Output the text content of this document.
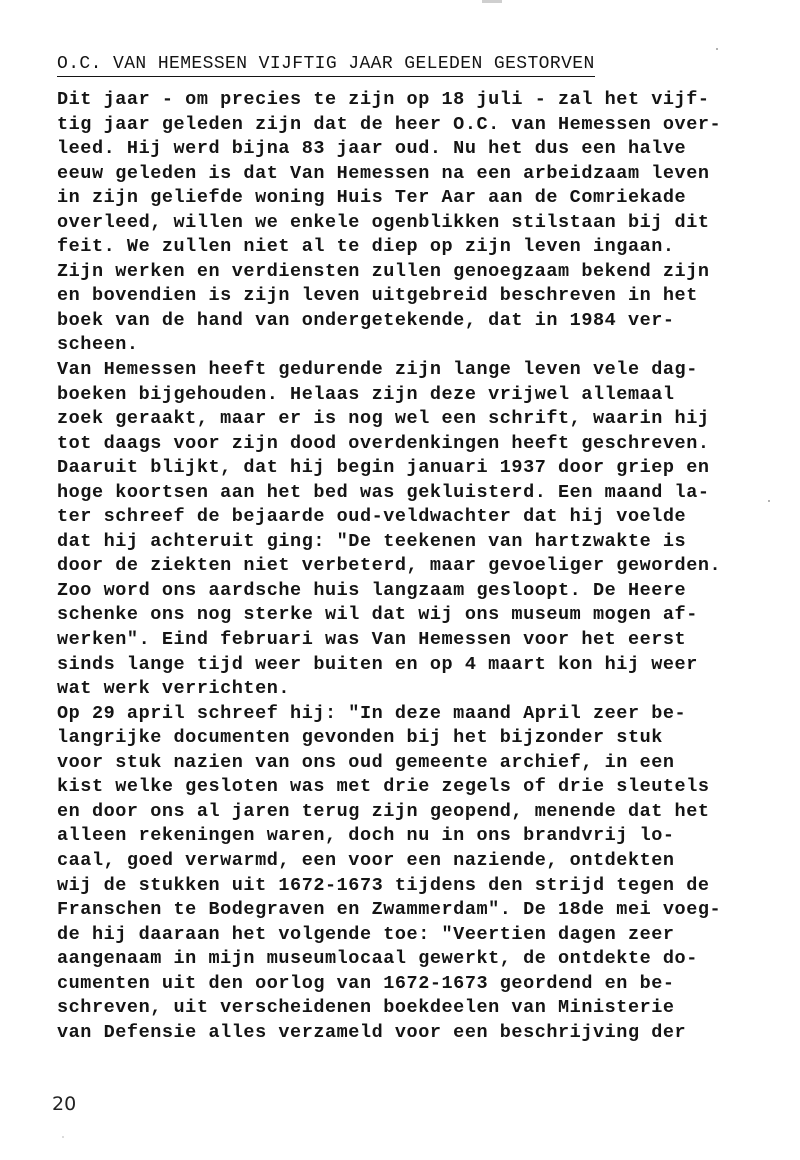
O.C. VAN HEMESSEN VIJFTIG JAAR GELEDEN GESTORVEN
Dit jaar - om precies te zijn op 18 juli - zal het vijf-
tig jaar geleden zijn dat de heer O.C. van Hemessen over-
leed. Hij werd bijna 83 jaar oud. Nu het dus een halve
eeuw geleden is dat Van Hemessen na een arbeidzaam leven
in zijn geliefde woning Huis Ter Aar aan de Comriekade
overleed, willen we enkele ogenblikken stilstaan bij dit
feit. We zullen niet al te diep op zijn leven ingaan.
Zijn werken en verdiensten zullen genoegzaam bekend zijn
en bovendien is zijn leven uitgebreid beschreven in het
boek van de hand van ondergetekende, dat in 1984 ver-
scheen.
Van Hemessen heeft gedurende zijn lange leven vele dag-
boeken bijgehouden. Helaas zijn deze vrijwel allemaal
zoek geraakt, maar er is nog wel een schrift, waarin hij
tot daags voor zijn dood overdenkingen heeft geschreven.
Daaruit blijkt, dat hij begin januari 1937 door griep en
hoge koortsen aan het bed was gekluisterd. Een maand la-
ter schreef de bejaarde oud-veldwachter dat hij voelde
dat hij achteruit ging: "De teekenen van hartzwakte is
door de ziekten niet verbeterd, maar gevoeliger geworden.
Zoo word ons aardsche huis langzaam gesloopt. De Heere
schenke ons nog sterke wil dat wij ons museum mogen af-
werken". Eind februari was Van Hemessen voor het eerst
sinds lange tijd weer buiten en op 4 maart kon hij weer
wat werk verrichten.
Op 29 april schreef hij: "In deze maand April zeer be-
langrijke documenten gevonden bij het bijzonder stuk
voor stuk nazien van ons oud gemeente archief, in een
kist welke gesloten was met drie zegels of drie sleutels
en door ons al jaren terug zijn geopend, menende dat het
alleen rekeningen waren, doch nu in ons brandvrij lo-
caal, goed verwarmd, een voor een naziende, ontdekten
wij de stukken uit 1672-1673 tijdens den strijd tegen de
Franschen te Bodegraven en Zwammerdam". De 18de mei voeg-
de hij daaraan het volgende toe: "Veertien dagen zeer
aangenaam in mijn museumlocaal gewerkt, de ontdekte do-
cumenten uit den oorlog van 1672-1673 geordend en be-
schreven, uit verscheidenen boekdeelen van Ministerie
van Defensie alles verzameld voor een beschrijving der
20
